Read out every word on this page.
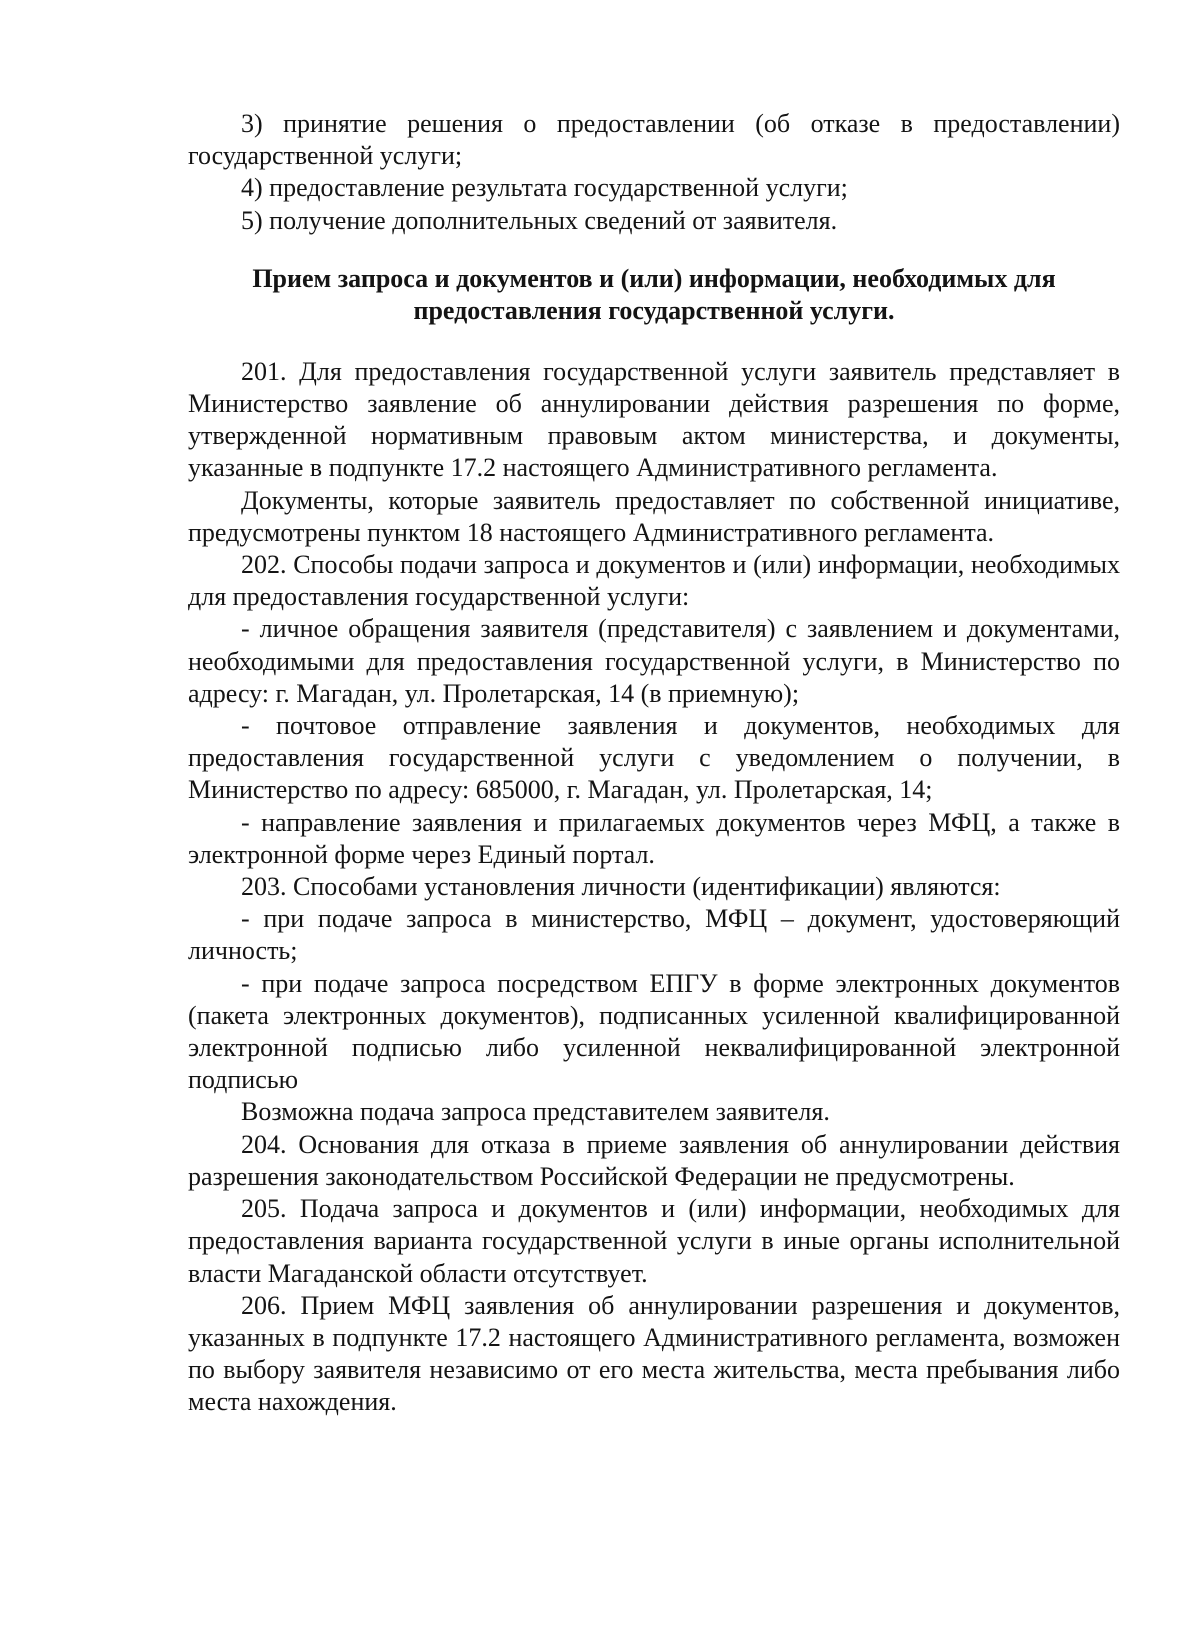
3) принятие решения о предоставлении (об отказе в предоставлении) государственной услуги;

4) предоставление результата государственной услуги;

5) получение дополнительных сведений от заявителя.

Прием запроса и документов и (или) информации, необходимых для предоставления государственной услуги.

201. Для предоставления государственной услуги заявитель представляет в Министерство заявление об аннулировании действия разрешения по форме, утвержденной нормативным правовым актом министерства, и документы, указанные в подпункте 17.2 настоящего Административного регламента.

Документы, которые заявитель предоставляет по собственной инициативе, предусмотрены пунктом 18 настоящего Административного регламента.

202. Способы подачи запроса и документов и (или) информации, необходимых для предоставления государственной услуги:

- личное обращения заявителя (представителя) с заявлением и документами, необходимыми для предоставления государственной услуги, в Министерство по адресу: г. Магадан, ул. Пролетарская, 14 (в приемную);

- почтовое отправление заявления и документов, необходимых для предоставления государственной услуги с уведомлением о получении, в Министерство по адресу: 685000, г. Магадан, ул. Пролетарская, 14;

- направление заявления и прилагаемых документов через МФЦ, а также в электронной форме через Единый портал.

203. Способами установления личности (идентификации) являются:

- при подаче запроса в министерство, МФЦ – документ, удостоверяющий личность;

- при подаче запроса посредством ЕПГУ в форме электронных документов (пакета электронных документов), подписанных усиленной квалифицированной электронной подписью либо усиленной неквалифицированной электронной подписью

Возможна подача запроса представителем заявителя.

204. Основания для отказа в приеме заявления об аннулировании действия разрешения законодательством Российской Федерации не предусмотрены.

205. Подача запроса и документов и (или) информации, необходимых для предоставления варианта государственной услуги в иные органы исполнительной власти Магаданской области отсутствует.

206. Прием МФЦ заявления об аннулировании разрешения и документов, указанных в подпункте 17.2 настоящего Административного регламента, возможен по выбору заявителя независимо от его места жительства, места пребывания либо места нахождения.
